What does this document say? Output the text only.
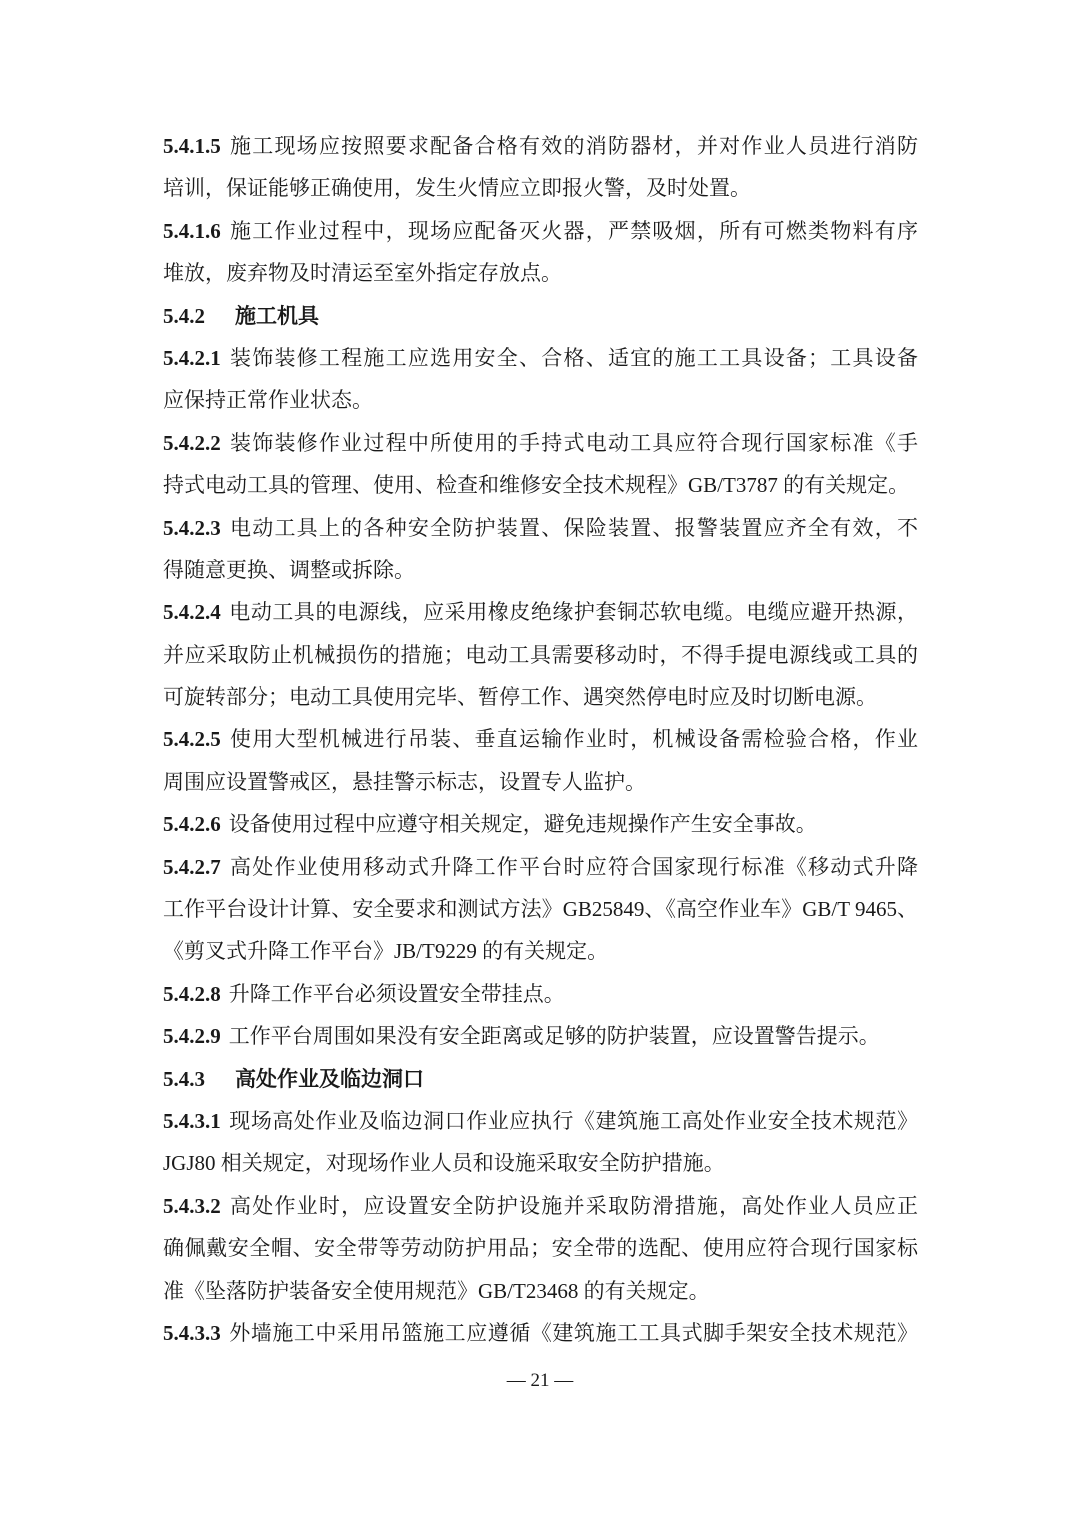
5.4.1.5 施工现场应按照要求配备合格有效的消防器材，并对作业人员进行消防
培训，保证能够正确使用，发生火情应立即报火警，及时处置。
5.4.1.6 施工作业过程中，现场应配备灭火器，严禁吸烟，所有可燃类物料有序
堆放，废弃物及时清运至室外指定存放点。
5.4.2 施工机具
5.4.2.1 装饰装修工程施工应选用安全、合格、适宜的施工工具设备；工具设备
应保持正常作业状态。
5.4.2.2 装饰装修作业过程中所使用的手持式电动工具应符合现行国家标准《手
持式电动工具的管理、使用、检查和维修安全技术规程》GB/T3787 的有关规定。
5.4.2.3 电动工具上的各种安全防护装置、保险装置、报警装置应齐全有效，不
得随意更换、调整或拆除。
5.4.2.4 电动工具的电源线，应采用橡皮绝缘护套铜芯软电缆。电缆应避开热源，
并应采取防止机械损伤的措施；电动工具需要移动时，不得手提电源线或工具的
可旋转部分；电动工具使用完毕、暂停工作、遇突然停电时应及时切断电源。
5.4.2.5 使用大型机械进行吊装、垂直运输作业时，机械设备需检验合格，作业
周围应设置警戒区，悬挂警示标志，设置专人监护。
5.4.2.6 设备使用过程中应遵守相关规定，避免违规操作产生安全事故。
5.4.2.7 高处作业使用移动式升降工作平台时应符合国家现行标准《移动式升降
工作平台设计计算、安全要求和测试方法》GB25849、《高空作业车》GB/T 9465、
《剪叉式升降工作平台》JB/T9229 的有关规定。
5.4.2.8 升降工作平台必须设置安全带挂点。
5.4.2.9 工作平台周围如果没有安全距离或足够的防护装置，应设置警告提示。
5.4.3 高处作业及临边洞口
5.4.3.1 现场高处作业及临边洞口作业应执行《建筑施工高处作业安全技术规范》
JGJ80 相关规定，对现场作业人员和设施采取安全防护措施。
5.4.3.2 高处作业时，应设置安全防护设施并采取防滑措施，高处作业人员应正
确佩戴安全帽、安全带等劳动防护用品；安全带的选配、使用应符合现行国家标
准《坠落防护装备安全使用规范》GB/T23468 的有关规定。
5.4.3.3 外墙施工中采用吊篮施工应遵循《建筑施工工具式脚手架安全技术规范》
— 21 —
